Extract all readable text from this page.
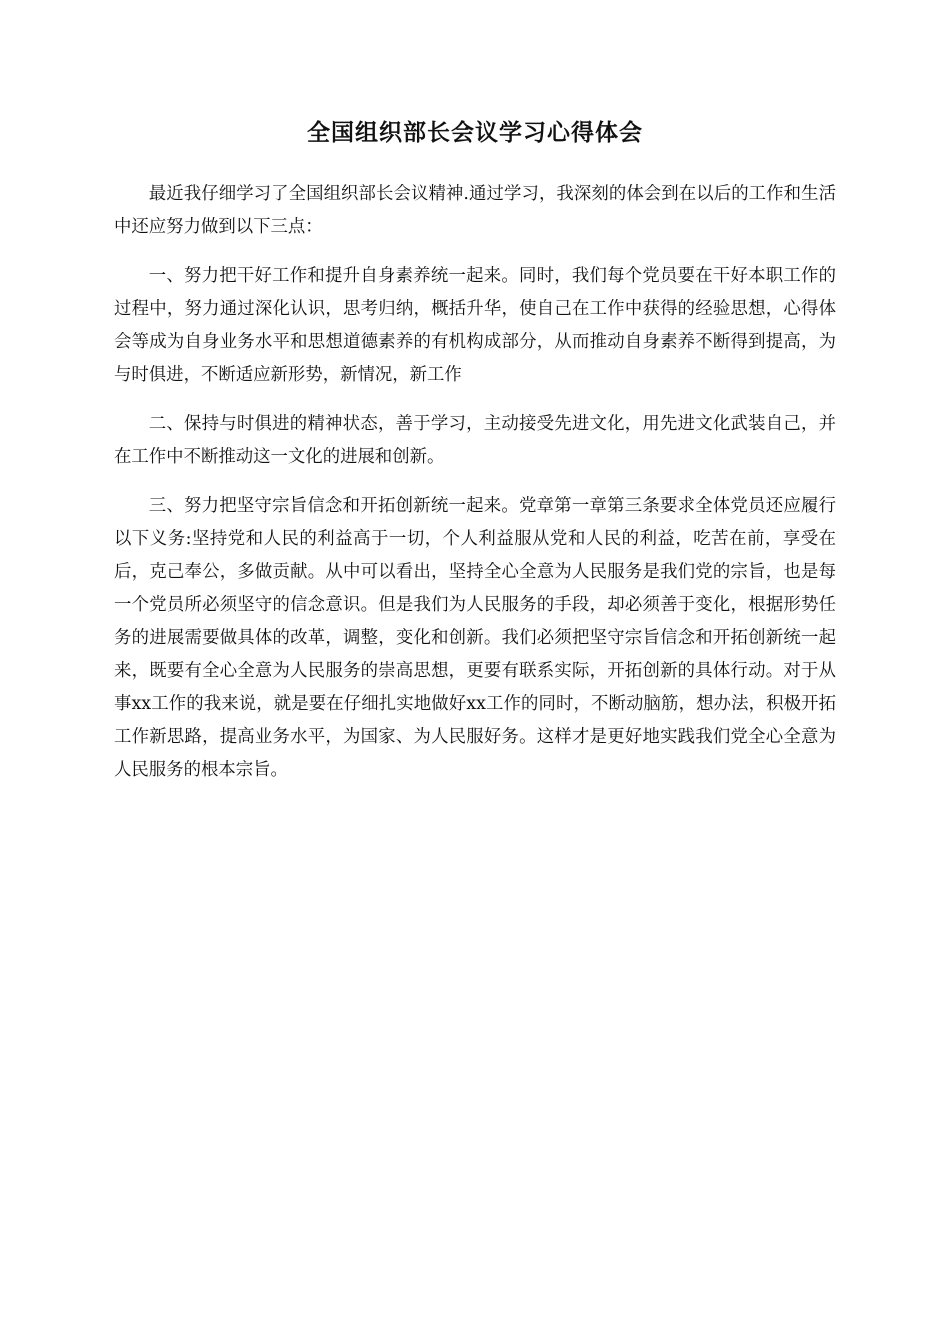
全国组织部长会议学习心得体会

最近我仔细学习了全国组织部长会议精神.通过学习，我深刻的体会到在以后的工作和生活中还应努力做到以下三点：

一、努力把干好工作和提升自身素养统一起来。同时，我们每个党员要在干好本职工作的过程中，努力通过深化认识，思考归纳，概括升华，使自己在工作中获得的经验思想，心得体会等成为自身业务水平和思想道德素养的有机构成部分，从而推动自身素养不断得到提高，为与时俱进，不断适应新形势，新情况，新工作

二、保持与时俱进的精神状态，善于学习，主动接受先进文化，用先进文化武装自己，并在工作中不断推动这一文化的进展和创新。

三、努力把坚守宗旨信念和开拓创新统一起来。党章第一章第三条要求全体党员还应履行以下义务:坚持党和人民的利益高于一切，个人利益服从党和人民的利益，吃苦在前，享受在后，克己奉公，多做贡献。从中可以看出，坚持全心全意为人民服务是我们党的宗旨，也是每一个党员所必须坚守的信念意识。但是我们为人民服务的手段，却必须善于变化，根据形势任务的进展需要做具体的改革，调整，变化和创新。我们必须把坚守宗旨信念和开拓创新统一起来，既要有全心全意为人民服务的崇高思想，更要有联系实际，开拓创新的具体行动。对于从事xx工作的我来说，就是要在仔细扎实地做好xx工作的同时，不断动脑筋，想办法，积极开拓工作新思路，提高业务水平，为国家、为人民服好务。这样才是更好地实践我们党全心全意为人民服务的根本宗旨。
